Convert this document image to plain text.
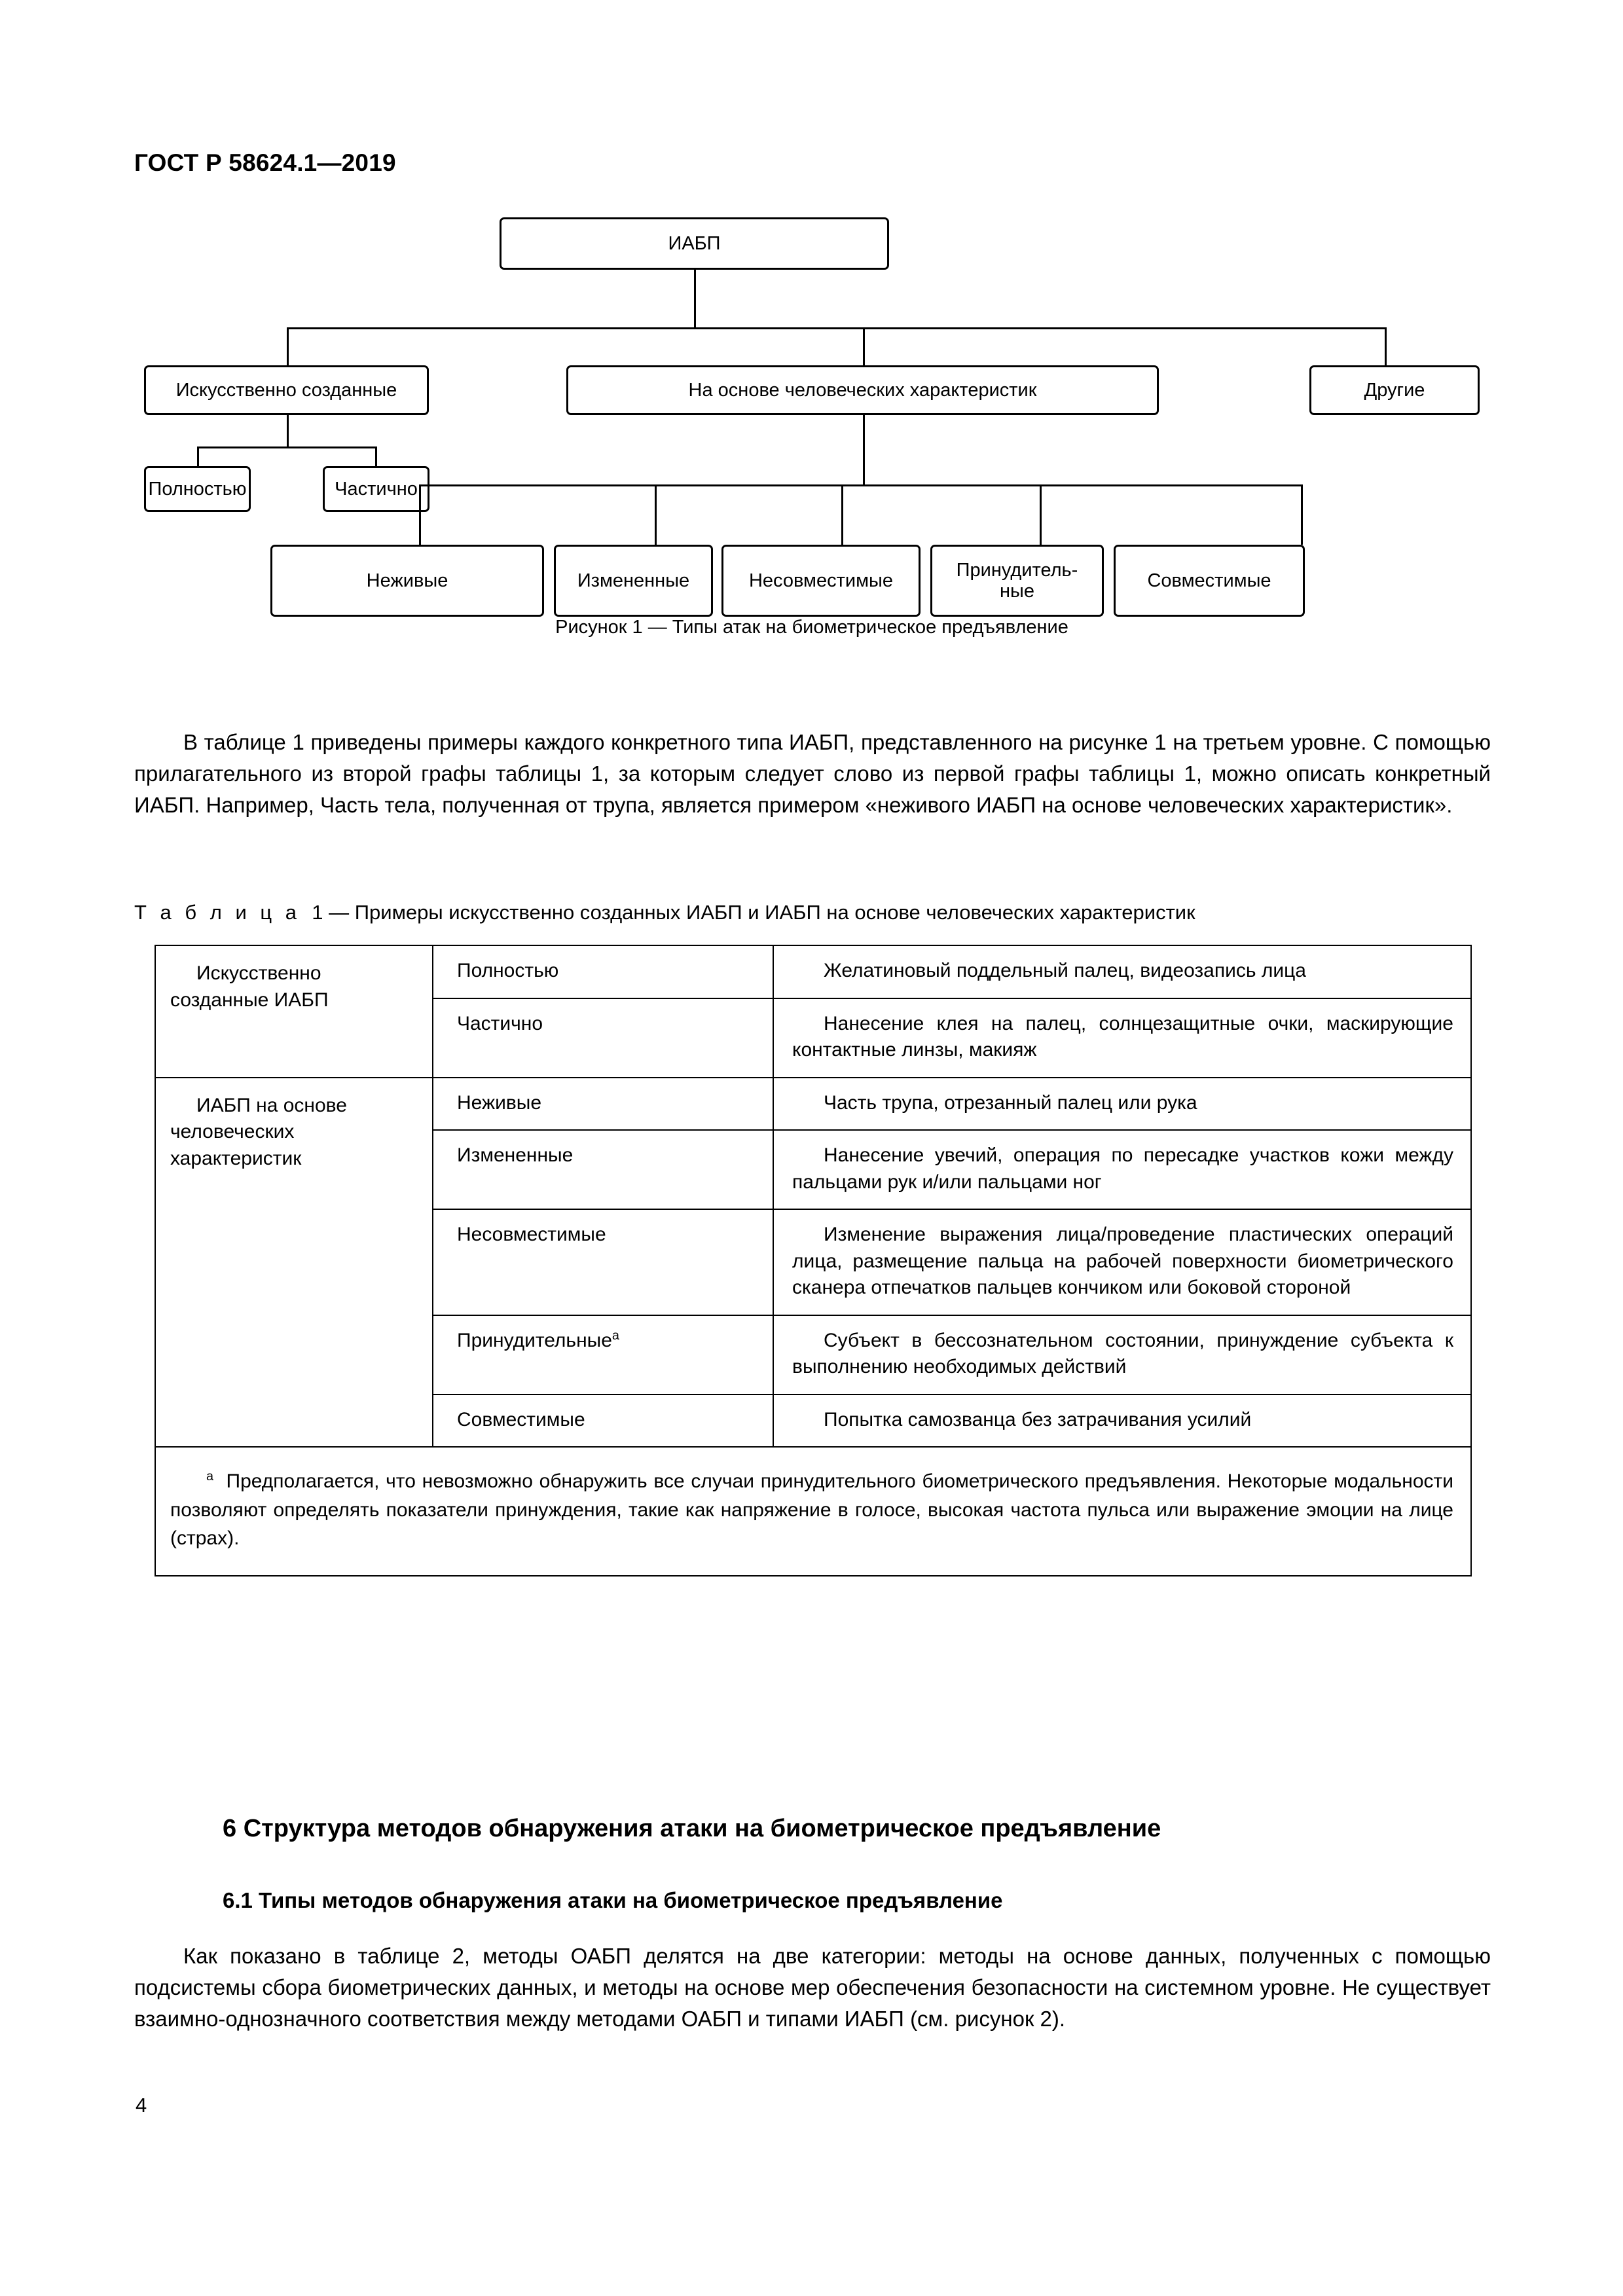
ГОСТ Р 58624.1—2019
ИАБП
Искусственно созданные	На основе человеческих характеристик	Другие
Полностью	Частично
Неживые	Измененные	Несовместимые
Принудитель-
ные
Совместимые
Рисунок 1 — Типы атак на биометрическое предъявление
В таблице 1 приведены примеры каждого конкретного типа ИАБП, представленного на рисунке 1 на третьем уровне. С помощью прилагательного из второй графы таблицы 1, за которым следует слово из первой графы таблицы 1, можно описать конкретный ИАБП. Например, Часть тела, полученная от трупа, является примером «неживого ИАБП на основе человеческих характеристик».
Т а б л и ц а 1 — Примеры искусственно созданных ИАБП и ИАБП на основе человеческих характеристик
Искусственно созданные ИАБП	Полностью	Желатиновый поддельный палец, видеозапись лица
	Частично	Нанесение клея на палец, солнцезащитные очки, маскирующие контактные линзы, макияж
ИАБП на основе человеческих характеристик	Неживые	Часть трупа, отрезанный палец или рука
	Измененные	Нанесение увечий, операция по пересадке участков кожи между пальцами рук и/или пальцами ног
	Несовместимые	Изменение выражения лица/проведение пластических операций лица, размещение пальца на рабочей поверхности биометрического сканера отпечатков пальцев кончиком или боковой стороной
	Принудительные$^a$	Субъект в бессознательном состоянии, принуждение субъекта к выполнению необходимых действий
	Совместимые	Попытка самозванца без затрачивания усилий
$^a$ Предполагается, что невозможно обнаружить все случаи принудительного биометрического предъявления. Некоторые модальности позволяют определять показатели принуждения, такие как напряжение в голосе, высокая частота пульса или выражение эмоции на лице (страх).		
6 Структура методов обнаружения атаки на биометрическое предъявление
6.1 Типы методов обнаружения атаки на биометрическое предъявление
Как показано в таблице 2, методы ОАБП делятся на две категории: методы на основе данных, полученных с помощью подсистемы сбора биометрических данных, и методы на основе мер обеспечения безопасности на системном уровне. Не существует взаимно-однозначного соответствия между методами ОАБП и типами ИАБП (см. рисунок 2).
4
